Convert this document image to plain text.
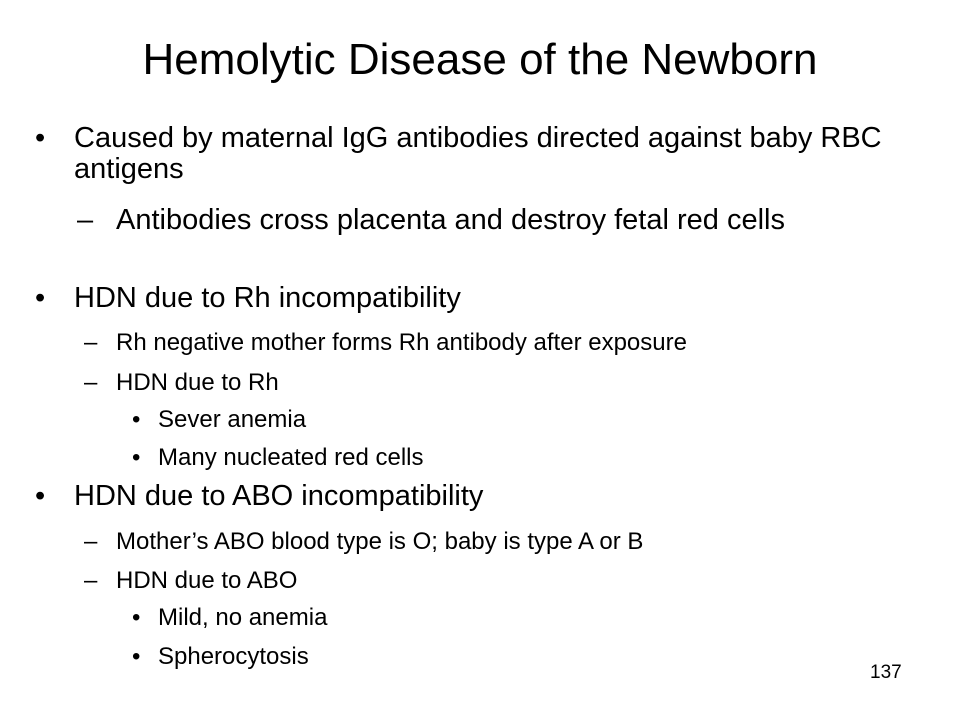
Hemolytic Disease of the Newborn
• Caused by maternal IgG antibodies directed against baby RBC antigens
– Antibodies cross placenta and destroy fetal red cells
• HDN due to Rh incompatibility
– Rh negative mother forms Rh antibody after exposure
– HDN due to Rh
• Sever anemia
• Many nucleated red cells
• HDN due to ABO incompatibility
– Mother’s ABO blood type is O; baby is type A or B
– HDN due to ABO
• Mild, no anemia
• Spherocytosis
137
